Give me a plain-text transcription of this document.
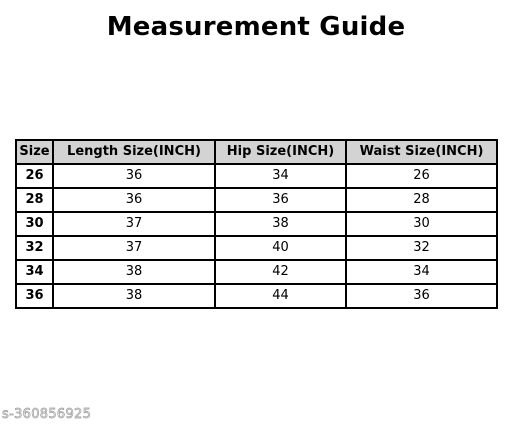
Measurement Guide
Size	Length Size(INCH)	Hip Size(INCH)	Waist Size(INCH)
26	36	34	26
28	36	36	28
30	37	38	30
32	37	40	32
34	38	42	34
36	38	44	36
s-360856925
